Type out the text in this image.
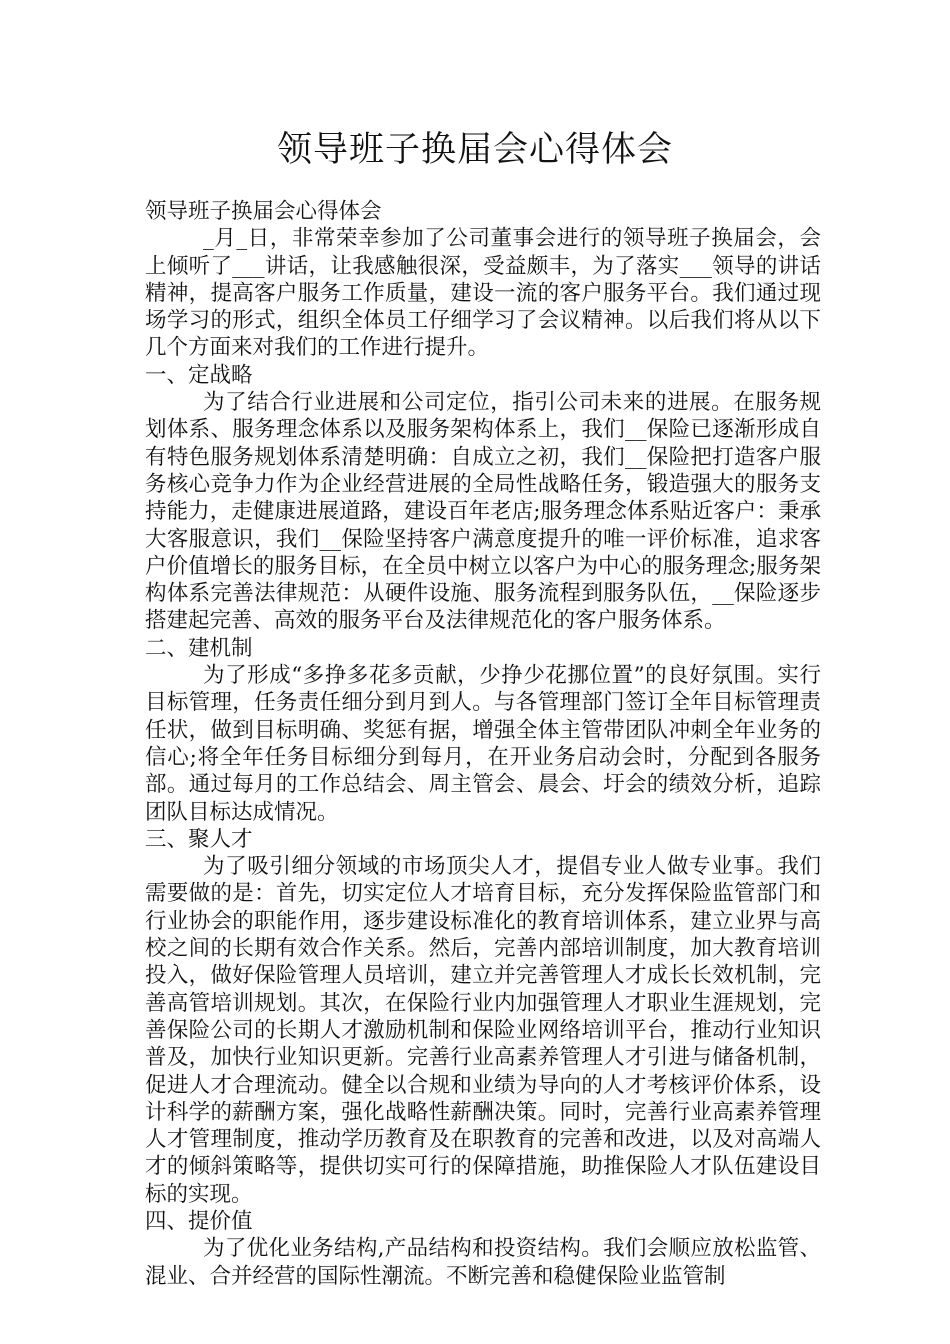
领导班子换届会心得体会

领导班子换届会心得体会

_月_日，非常荣幸参加了公司董事会进行的领导班子换届会，会上倾听了___讲话，让我感触很深，受益颇丰，为了落实___领导的讲话精神，提高客户服务工作质量，建设一流的客户服务平台。我们通过现场学习的形式，组织全体员工仔细学习了会议精神。以后我们将从以下几个方面来对我们的工作进行提升。

一、定战略

为了结合行业进展和公司定位，指引公司未来的进展。在服务规划体系、服务理念体系以及服务架构体系上，我们__保险已逐渐形成自有特色服务规划体系清楚明确：自成立之初，我们__保险把打造客户服务核心竞争力作为企业经营进展的全局性战略任务，锻造强大的服务支持能力，走健康进展道路，建设百年老店;服务理念体系贴近客户：秉承大客服意识，我们__保险坚持客户满意度提升的唯一评价标准，追求客户价值增长的服务目标，在全员中树立以客户为中心的服务理念;服务架构体系完善法律规范：从硬件设施、服务流程到服务队伍，__保险逐步搭建起完善、高效的服务平台及法律规范化的客户服务体系。

二、建机制

为了形成“多挣多花多贡献，少挣少花挪位置”的良好氛围。实行目标管理，任务责任细分到月到人。与各管理部门签订全年目标管理责任状，做到目标明确、奖惩有据，增强全体主管带团队冲刺全年业务的信心;将全年任务目标细分到每月，在开业务启动会时，分配到各服务部。通过每月的工作总结会、周主管会、晨会、圩会的绩效分析，追踪团队目标达成情况。

三、聚人才

为了吸引细分领域的市场顶尖人才，提倡专业人做专业事。我们需要做的是：首先，切实定位人才培育目标，充分发挥保险监管部门和行业协会的职能作用，逐步建设标准化的教育培训体系，建立业界与高校之间的长期有效合作关系。然后，完善内部培训制度，加大教育培训投入，做好保险管理人员培训，建立并完善管理人才成长长效机制，完善高管培训规划。其次，在保险行业内加强管理人才职业生涯规划，完善保险公司的长期人才激励机制和保险业网络培训平台，推动行业知识普及，加快行业知识更新。完善行业高素养管理人才引进与储备机制，促进人才合理流动。健全以合规和业绩为导向的人才考核评价体系，设计科学的薪酬方案，强化战略性薪酬决策。同时，完善行业高素养管理人才管理制度，推动学历教育及在职教育的完善和改进，以及对高端人才的倾斜策略等，提供切实可行的保障措施，助推保险人才队伍建设目标的实现。

四、提价值

为了优化业务结构,产品结构和投资结构。我们会顺应放松监管、混业、合并经营的国际性潮流。不断完善和稳健保险业监管制
